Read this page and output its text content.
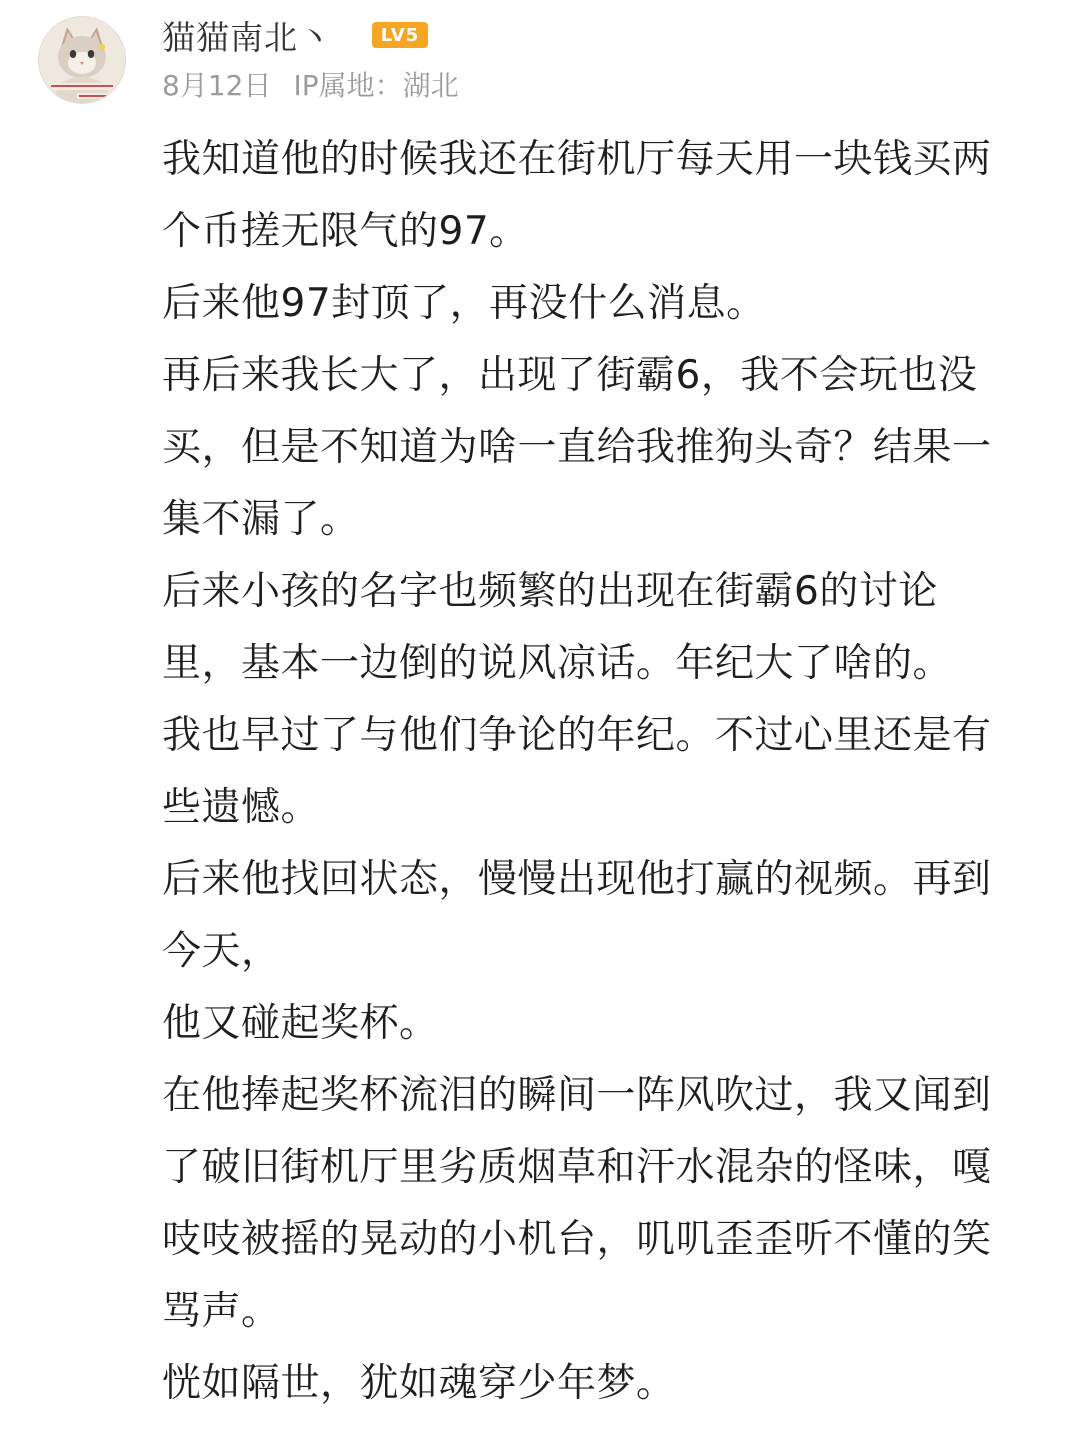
猫猫南北丶	LV5
8月12日 IP属地：湖北

我知道他的时候我还在街机厅每天用一块钱买两个币搓无限气的97。

后来他97封顶了，再没什么消息。

再后来我长大了，出现了街霸6，我不会玩也没买，但是不知道为啥一直给我推狗头奇？结果一集不漏了。

后来小孩的名字也频繁的出现在街霸6的讨论里，基本一边倒的说风凉话。年纪大了啥的。

我也早过了与他们争论的年纪。不过心里还是有些遗憾。

后来他找回状态，慢慢出现他打赢的视频。再到今天，

他又碰起奖杯。

在他捧起奖杯流泪的瞬间一阵风吹过，我又闻到了破旧街机厅里劣质烟草和汗水混杂的怪味，嘎吱吱被摇的晃动的小机台，叽叽歪歪听不懂的笑骂声。

恍如隔世，犹如魂穿少年梦。
